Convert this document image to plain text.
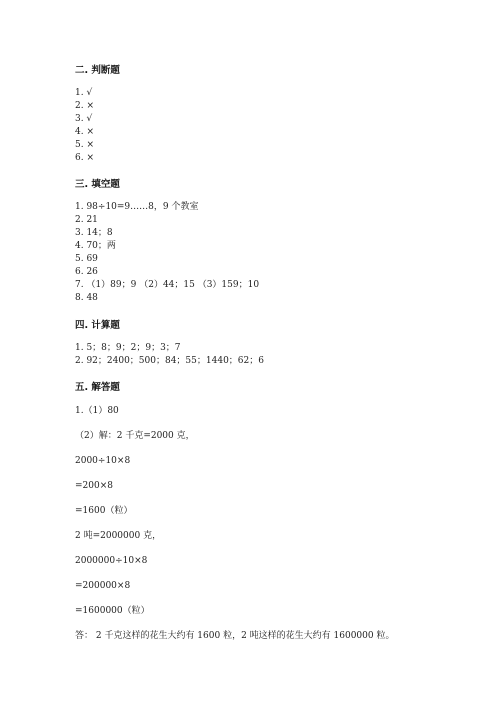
二. 判断题
1. √
2. ×
3. √
4. ×
5. ×
6. ×
三. 填空题
1. 98÷10=9……8，9 个教室
2. 21
3. 14；8
4. 70；两
5. 69
6. 26
7. （1）89；9 （2）44；15 （3）159；10
8. 48
四. 计算题
1. 5；8；9；2；9；3；7
2. 92；2400；500；84；55；1440；62；6
五. 解答题
1.（1）80
（2）解：2 千克=2000 克，
2000÷10×8
=200×8
=1600（粒）
2 吨=2000000 克，
2000000÷10×8
=200000×8
=1600000（粒）
答： 2 千克这样的花生大约有 1600 粒，2 吨这样的花生大约有 1600000 粒。
